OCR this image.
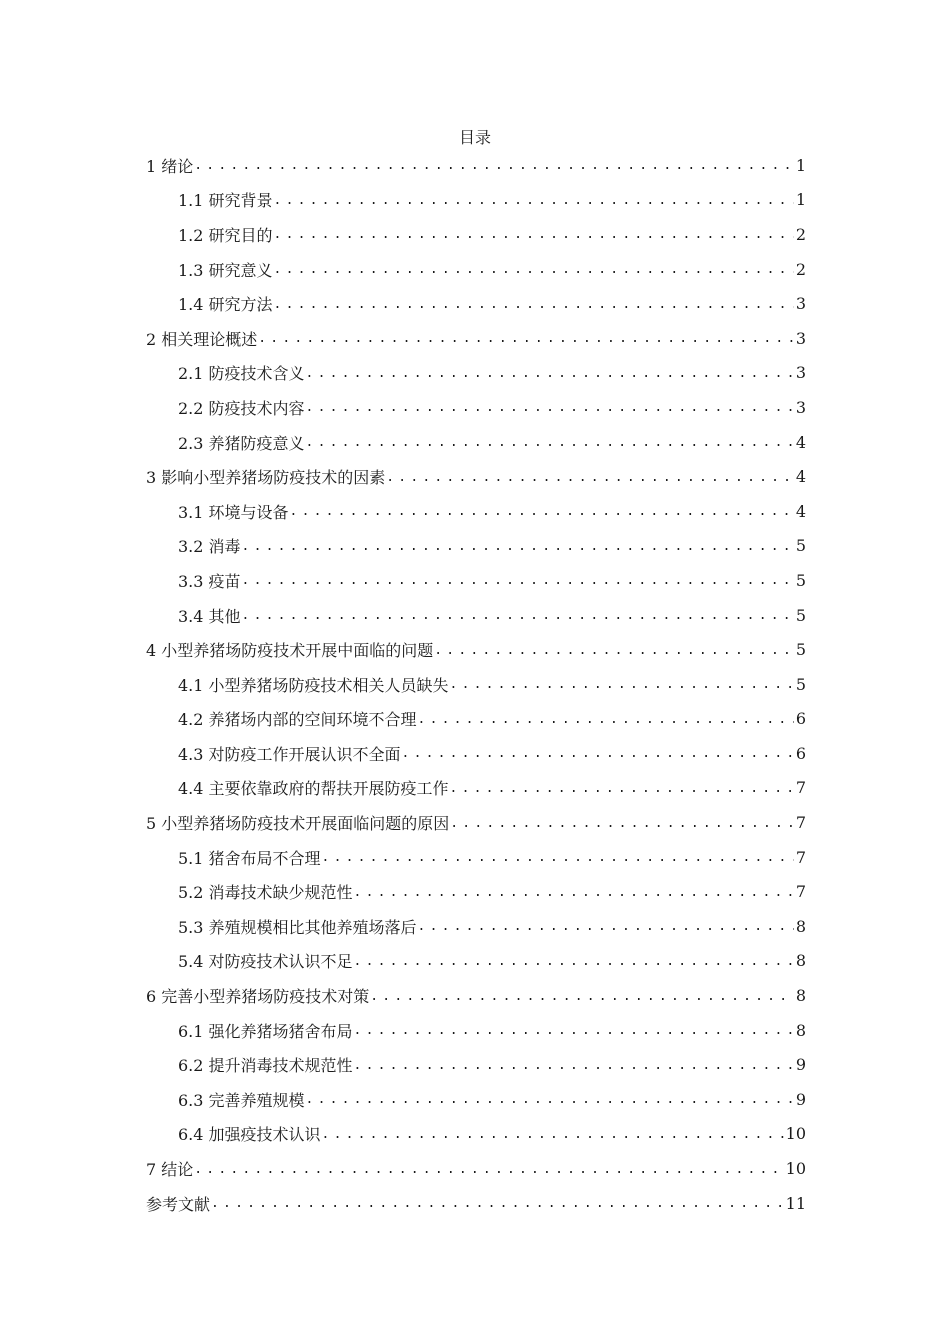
目录
1 绪论 .....	1
1.1 研究背景 .....	1
1.2 研究目的 .....	2
1.3 研究意义 .....	2
1.4 研究方法 .....	3
2 相关理论概述 .....	3
2.1 防疫技术含义 .....	3
2.2 防疫技术内容 .....	3
2.3 养猪防疫意义 .....	4
3 影响小型养猪场防疫技术的因素 .....	4
3.1 环境与设备 .....	4
3.2 消毒 .....	5
3.3 疫苗 .....	5
3.4 其他 .....	5
4 小型养猪场防疫技术开展中面临的问题 .....	5
4.1 小型养猪场防疫技术相关人员缺失 .....	5
4.2 养猪场内部的空间环境不合理 .....	6
4.3 对防疫工作开展认识不全面 .....	6
4.4 主要依靠政府的帮扶开展防疫工作 .....	7
5 小型养猪场防疫技术开展面临问题的原因 .....	7
5.1 猪舍布局不合理 .....	7
5.2 消毒技术缺少规范性 .....	7
5.3 养殖规模相比其他养殖场落后 .....	8
5.4 对防疫技术认识不足 .....	8
6 完善小型养猪场防疫技术对策 .....	8
6.1 强化养猪场猪舍布局 .....	8
6.2 提升消毒技术规范性 .....	9
6.3 完善养殖规模 .....	9
6.4 加强疫技术认识 .....	10
7 结论 .....	10
参考文献 .....	11
